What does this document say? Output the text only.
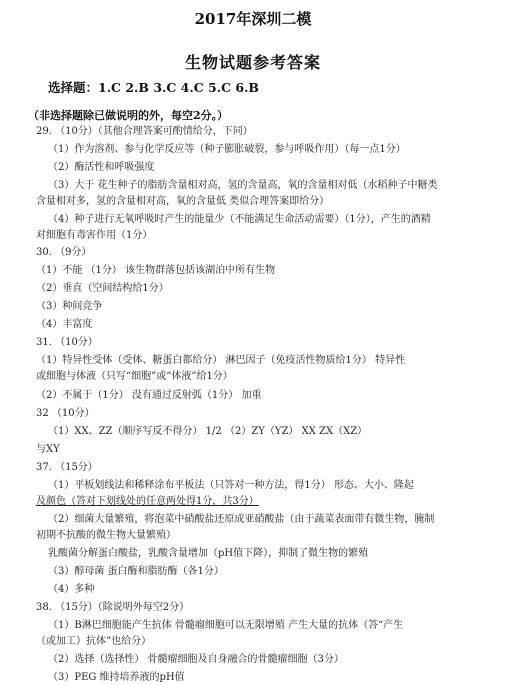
2017年深圳二模
生物试题参考答案
选择题：1.C 2.B 3.C 4.C 5.C 6.B
（非选择题除已做说明的外，每空2分。）
29. （10分）（其他合理答案可酌情给分，下同）
（1）作为溶剂、参与化学反应等（种子膨胀破裂，参与呼吸作用）（每一点1分）
（2）酶活性和呼吸强度
（3）大于 花生种子的脂肪含量相对高，氢的含量高，氧的含量相对低（水稻种子中糖类
含量相对多，氢的含量相对高，氧的含量低 类似合理答案即给分）
（4）种子进行无氧呼吸时产生的能量少（不能满足生命活动需要）（1分），产生的酒精
对细胞有毒害作用（1分）
30. （9分）
（1）不能 （1分） 该生物群落包括该湖泊中所有生物
（2）垂直（空间结构给1分）
（3）种间竞争
（4）丰富度
31. （10分）
（1）特异性受体（受体、糖蛋白都给分） 淋巴因子（免疫活性物质给1分） 特异性
或细胞与体液（只写“细胞”或“体液”给1分）
（2）不属于（1分） 没有通过反射弧（1分） 加重
32 （10分）
（1）XX、ZZ（顺序写反不得分） 1/2 （2）ZY（YZ） XX ZX（XZ）
与XY
37. （15分）
（1）平板划线法和稀释涂布平板法（只答对一种方法，得1分） 形态、大小、隆起
及颜色（答对下划线处的任意两处得1分，共3分）
（2）细菌大量繁殖，将泡菜中硝酸盐还原成亚硝酸盐（由于蔬菜表面带有微生物，腌制
初期不抗酸的微生物大量繁殖）
乳酸菌分解蛋白酸盐，乳酸含量增加（pH值下降），抑制了微生物的繁殖
（3）醇母菌 蛋白酶和脂肪酶（各1分）
（4）多种
38. （15分）（除说明外每空2分）
（1）B淋巴细胞能产生抗体 骨髓瘤细胞可以无限增殖 产生大量的抗体（答“产生
（或加工）抗体”也给分）
（2）选择（选择性） 骨髓瘤细胞及自身融合的骨髓瘤细胞（3分）
（3）PEG 维持培养液的pH值
